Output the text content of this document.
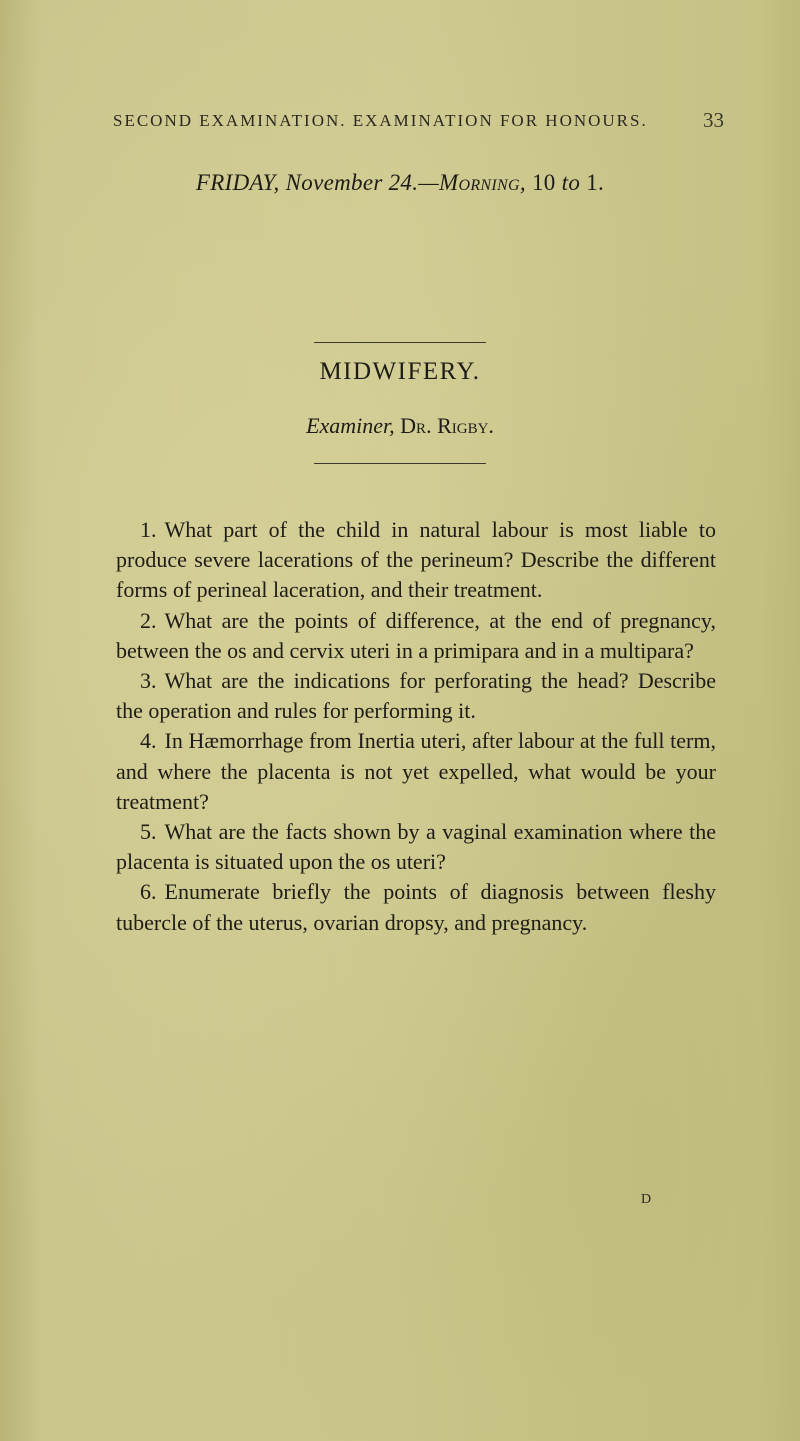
SECOND EXAMINATION. EXAMINATION FOR HONOURS.	33
FRIDAY, November 24.—Morning, 10 to 1.
MIDWIFERY.
Examiner, Dr. Rigby.

1. What part of the child in natural labour is most liable to produce severe lacerations of the perineum? Describe the different forms of perineal laceration, and their treatment.

2. What are the points of difference, at the end of pregnancy, between the os and cervix uteri in a primipara and in a multipara?

3. What are the indications for perforating the head? Describe the operation and rules for performing it.

4. In Hæmorrhage from Inertia uteri, after labour at the full term, and where the placenta is not yet expelled, what would be your treatment?

5. What are the facts shown by a vaginal examination where the placenta is situated upon the os uteri?

6. Enumerate briefly the points of diagnosis between fleshy tubercle of the uterus, ovarian dropsy, and pregnancy.

D
